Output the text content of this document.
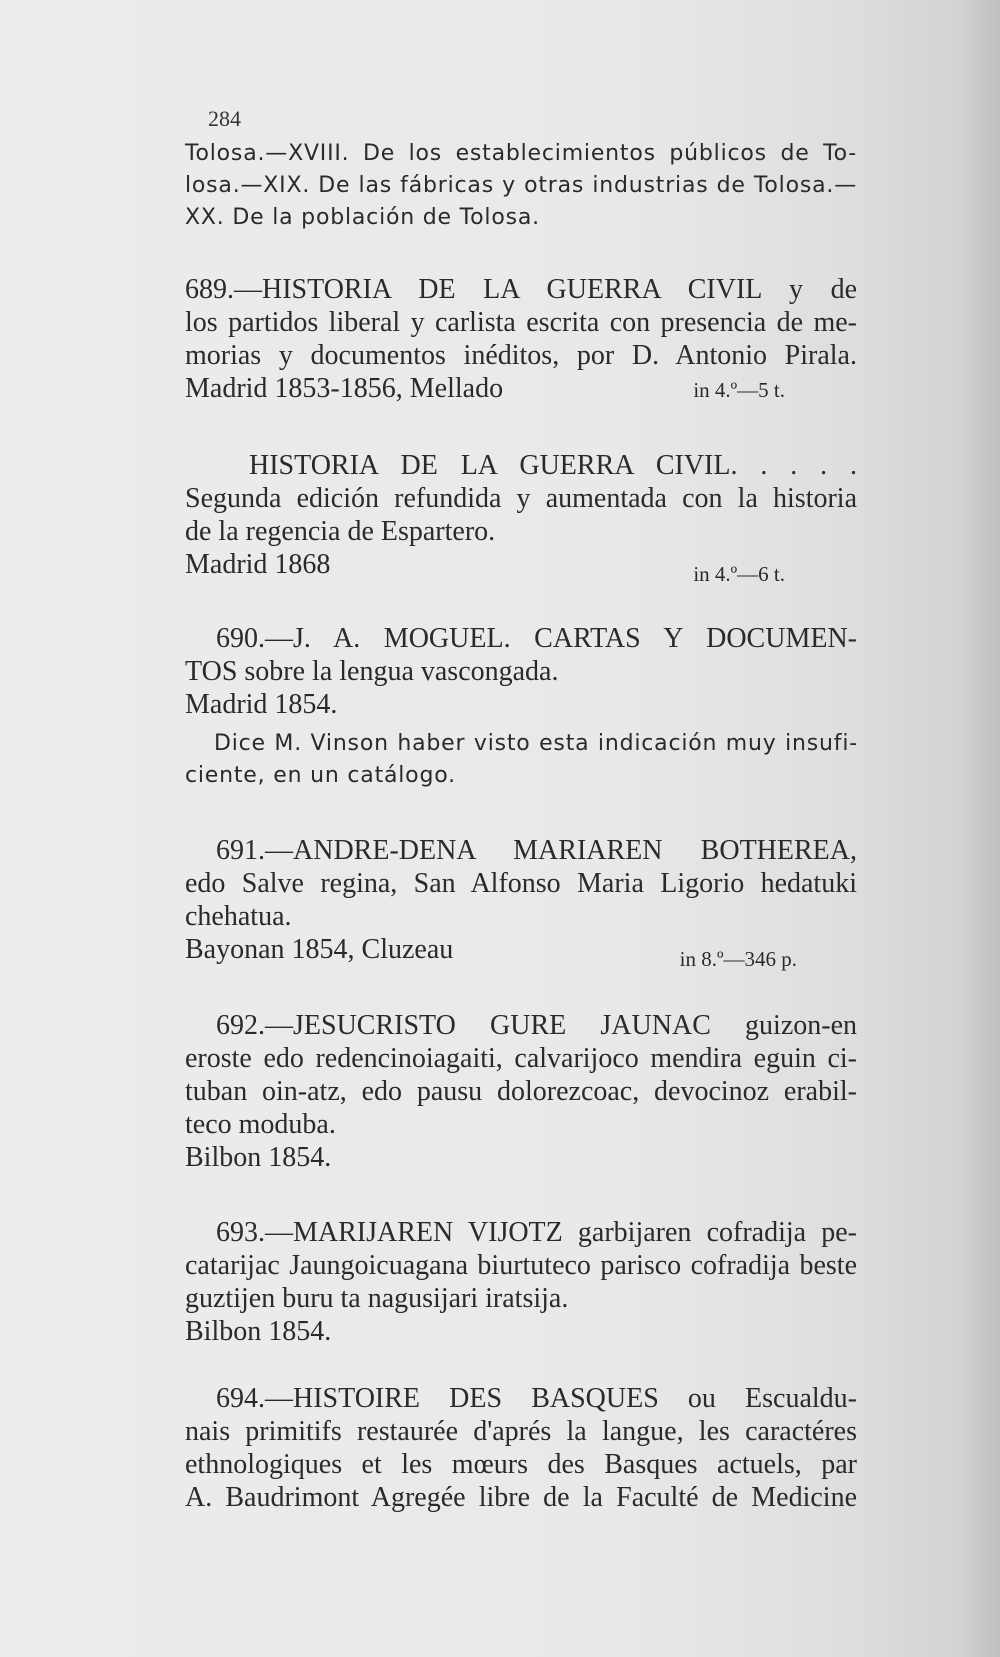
284
Tolosa.—XVIII. De los establecimientos públicos de To-
losa.—XIX. De las fábricas y otras industrias de Tolosa.—
XX. De la población de Tolosa.
689.—HISTORIA DE LA GUERRA CIVIL y de
los partidos liberal y carlista escrita con presencia de me-
morias y documentos inéditos, por D. Antonio Pirala.
Madrid 1853-1856, Mellado	in 4.º—5 t.
HISTORIA DE LA GUERRA CIVIL. . . . .
Segunda edición refundida y aumentada con la historia
de la regencia de Espartero.
Madrid 1868	in 4.º—6 t.
690.—J. A. MOGUEL. CARTAS Y DOCUMEN-
TOS sobre la lengua vascongada.
Madrid 1854.
Dice M. Vinson haber visto esta indicación muy insufi-
ciente, en un catálogo.
691.—ANDRE-DENA MARIAREN BOTHEREA,
edo Salve regina, San Alfonso Maria Ligorio hedatuki
chehatua.
Bayonan 1854, Cluzeau	in 8.º—346 p.
692.—JESUCRISTO GURE JAUNAC guizon-en
eroste edo redencinoiagaiti, calvarijoco mendira eguin ci-
tuban oin-atz, edo pausu dolorezcoac, devocinoz erabil-
teco moduba.
Bilbon 1854.
693.—MARIJAREN VIJOTZ garbijaren cofradija pe-
catarijac Jaungoicuagana biurtuteco parisco cofradija beste
guztijen buru ta nagusijari iratsija.
Bilbon 1854.
694.—HISTOIRE DES BASQUES ou Escualdu-
nais primitifs restaurée d'aprés la langue, les caractéres
ethnologiques et les mœurs des Basques actuels, par
A. Baudrimont Agregée libre de la Faculté de Medicine
